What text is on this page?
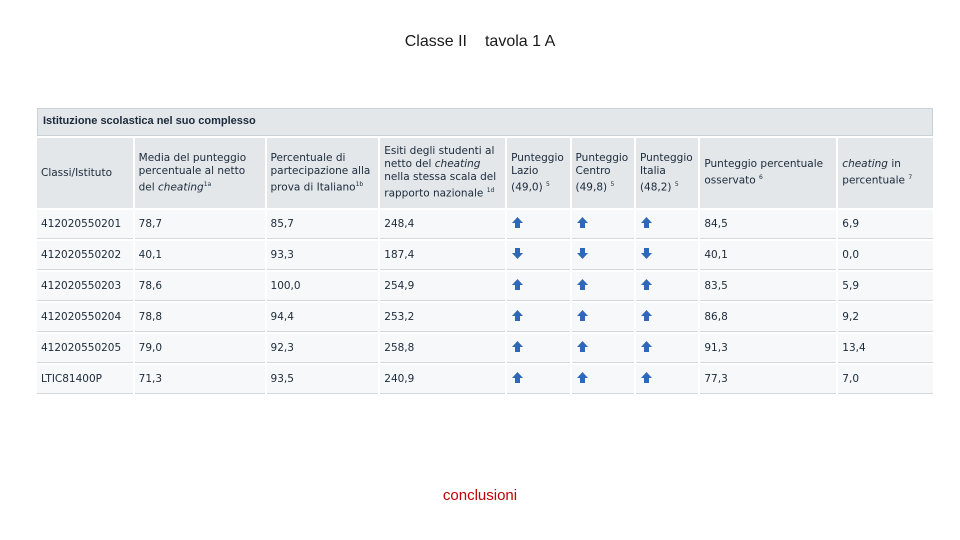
Classe II tavola 1 A
Istituzione scolastica nel suo complesso
Classi/Istituto	Media del punteggio percentuale al netto del cheating$^{1a}$	Percentuale di partecipazione alla prova di Italiano$^{1b}$	Esiti degli studenti al netto del cheating nella stessa scala del rapporto nazionale $^{1d}$	Punteggio Lazio (49,0) $^5$	Punteggio Centro (49,8) $^5$	Punteggio Italia (48,2) $^5$	Punteggio percentuale osservato $^6$	cheating in percentuale $^7$
412020550201	78,7	85,7	248,4				84,5	6,9
412020550202	40,1	93,3	187,4				40,1	0,0
412020550203	78,6	100,0	254,9				83,5	5,9
412020550204	78,8	94,4	253,2				86,8	9,2
412020550205	79,0	92,3	258,8				91,3	13,4
LTIC81400P	71,3	93,5	240,9				77,3	7,0
conclusioni
